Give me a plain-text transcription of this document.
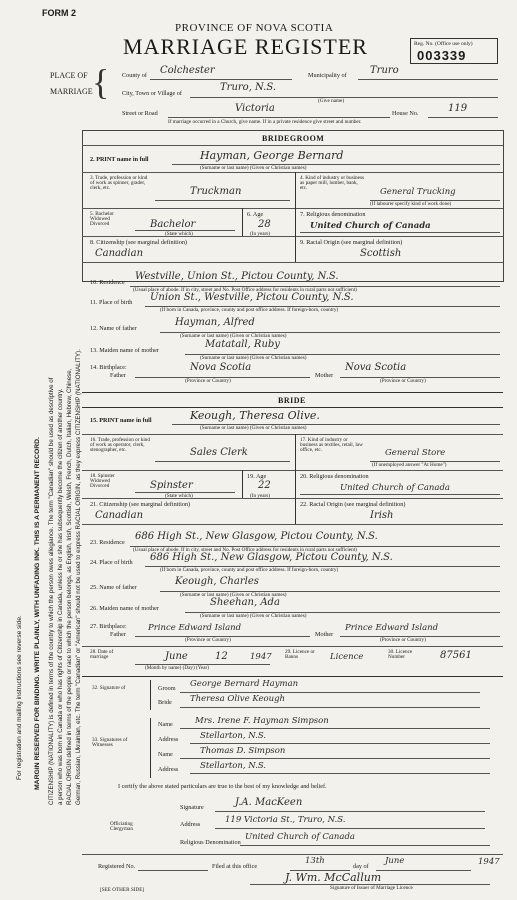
For registration and mailing instructions see reverse side. MARGIN RESERVED FOR BINDING. WRITE PLAINLY, WITH UNFADING INK. THIS IS A PERMANENT RECORD. CITIZENSHIP (NATIONALITY) is defined in terms of the country to which the person owes allegiance. The term "Canadian" should be used as descriptive of a person who was born in Canada or who has rights of Citizenship in Canada, unless he or she has subsequently become the citizen of another country. RACIAL ORIGIN defined in terms of the people or race to which the person belongs, as English, Irish, Scottish, Welsh, French, Dutch, Italian, Hebrew, Chinese, German, Russian, Ukrainian, etc. The term "Canadian" or "American" should not be used to express RACIAL ORIGIN, as they express CITIZENSHIP (NATIONALITY).
FORM 2
PROVINCE OF NOVA SCOTIA
MARRIAGE REGISTER	Reg. No. (Office use only)
003339
PLACE OF
MARRIAGE { County of Colchester	Municipality of Truro
City, Town or Village of
Truro, N.S.
(Give name)
Street or Road	Victoria	House No.	119
If marriage occurred in a Church, give name. If in a private residence give street and number.
BRIDEGROOM
2. PRINT name in full	Hayman, George Bernard
(Surname or last name) (Given or Christian names)
3. Trade, profession or kind of work as spinner, grader, clerk, etc.	Truckman
4. Kind of industry or business as paper mill, lumber, bank, etc.	General Trucking
(If labourer specify kind of work done)
5. Bachelor Widowed Divorced	Bachelor
(State which)
6. Age
28
(In years)
7. Religious denomination
United Church of Canada
8. Citizenship (see marginal definition)
Canadian
9. Racial Origin (see marginal definition)
Scottish
10. Residence
Westville, Union St., Pictou County, N.S.
(Usual place of abode. If in city, street and No. Post Office address for residents in rural parts not sufficient)
11. Place of birth Union St., Westville, Pictou County, N.S.
(If born in Canada, province, county and post office address. If foreign-born, country)
12. Name of father
Hayman, Alfred
(Surname or last name) (Given or Christian names)
13. Maiden name of mother
Matatall, Ruby
(Surname or last name) (Given or Christian names)
14. Birthplace:
Father
Nova Scotia
(Province or Country)
Mother
Nova Scotia
(Province or Country)
BRIDE
15. PRINT name in full	Keough, Theresa Olive.
(Surname or last name) (Given or Christian names)
16. Trade, profession or kind of work as operator, clerk, stenographer, etc.	Sales Clerk
17. Kind of industry or business as textiles, retail, law office, etc.	General Store
(If unemployed answer "At Home")
18. Spinster Widowed Divorced	Spinster
(State which)
19. Age
22
(In years)
20. Religious denomination
United Church of Canada
21. Citizenship (see marginal definition)
Canadian
22. Racial Origin (see marginal definition)
Irish
23. Residence
686 High St., New Glasgow, Pictou County, N.S.
(Usual place of abode. If in city, street and No. Post Office address for residents in rural parts not sufficient)
24. Place of birth 686 High St., New Glasgow, Pictou County, N.S.
(If born in Canada, province, county and post office address. If foreign-born, country)
25. Name of father
Keough, Charles
(Surname or last name) (Given or Christian names)
26. Maiden name of mother
Sheehan, Ada
(Surname or last name) (Given or Christian names)
27. Birthplace:
Father
Prince Edward Island
(Province or Country)
Mother
Prince Edward Island
(Province or Country)
28. Date of marriage	June	12	1947
(Month by name) (Day) (Year)
29. Licence or Banns	Licence	30. Licence Number	87561
32. Signature of	Groom George Bernard Hayman
Bride Theresa Olive Keough
33. Signatures of Witnesses
Name	Mrs. Irene F. Hayman Simpson
Address	Stellarton, N.S.
Name	Thomas D. Simpson
Address	Stellarton, N.S.
I certify the above stated particulars are true to the best of my knowledge and belief.
Officiating Clergyman
Signature	J.A. MacKeen
Address	119 Victoria St., Truro, N.S.
Religious Denomination
United Church of Canada
Registered No.	Filed at this office
13th
day of
June	1947
J. Wm. McCallum
Signature of Issuer of Marriage Licence
[SEE OTHER SIDE]
